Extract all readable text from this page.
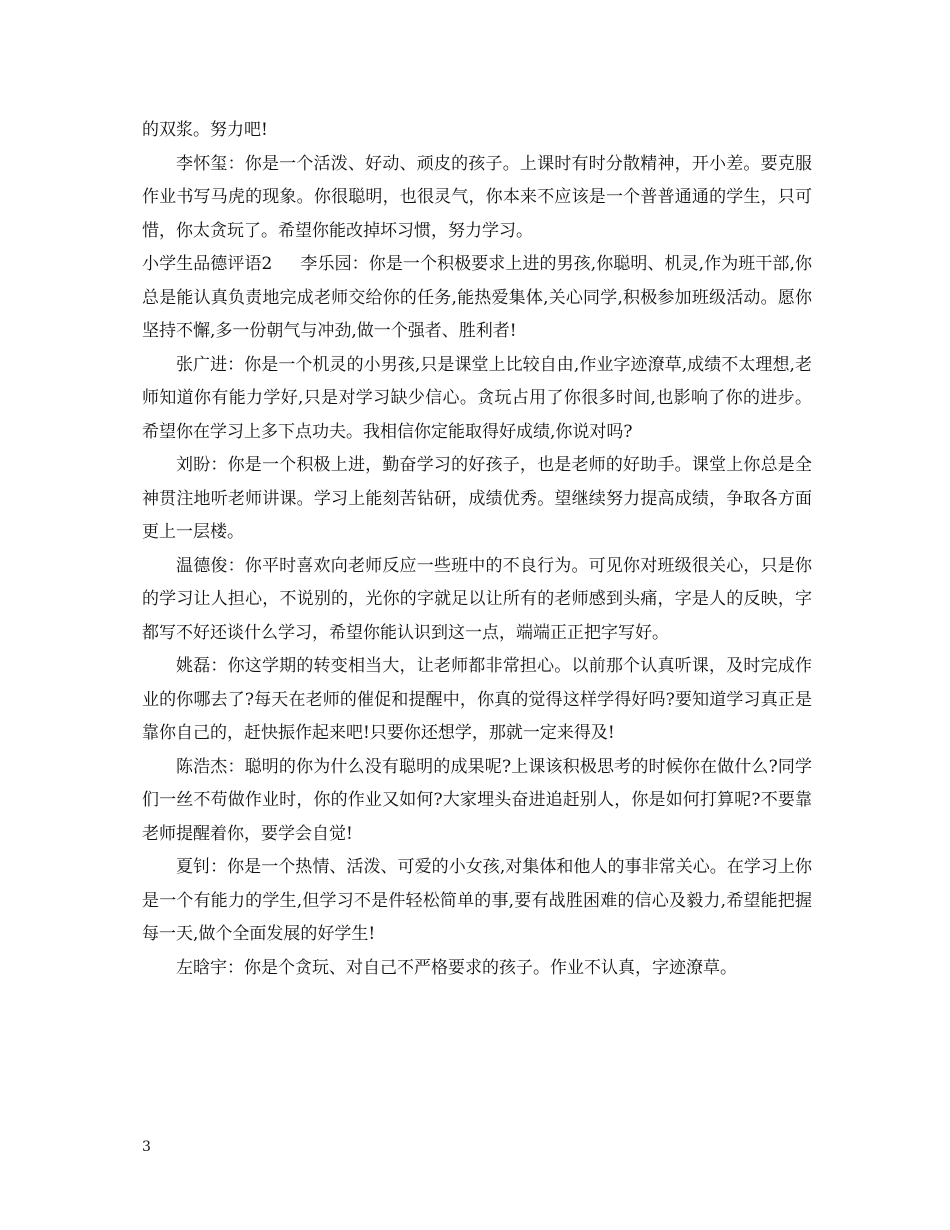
的双浆。努力吧!

李怀玺：你是一个活泼、好动、顽皮的孩子。上课时有时分散精神，开小差。要克服作业书写马虎的现象。你很聪明，也很灵气，你本来不应该是一个普普通通的学生，只可惜，你太贪玩了。希望你能改掉坏习惯，努力学习。

小学生品德评语2 李乐园：你是一个积极要求上进的男孩,你聪明、机灵,作为班干部,你总是能认真负责地完成老师交给你的任务,能热爱集体,关心同学,积极参加班级活动。愿你坚持不懈,多一份朝气与冲劲,做一个强者、胜利者!

张广进：你是一个机灵的小男孩,只是课堂上比较自由,作业字迹潦草,成绩不太理想,老师知道你有能力学好,只是对学习缺少信心。贪玩占用了你很多时间,也影响了你的进步。希望你在学习上多下点功夫。我相信你定能取得好成绩,你说对吗?

刘盼：你是一个积极上进，勤奋学习的好孩子，也是老师的好助手。课堂上你总是全神贯注地听老师讲课。学习上能刻苦钻研，成绩优秀。望继续努力提高成绩，争取各方面更上一层楼。

温德俊：你平时喜欢向老师反应一些班中的不良行为。可见你对班级很关心，只是你的学习让人担心，不说别的，光你的字就足以让所有的老师感到头痛，字是人的反映，字都写不好还谈什么学习，希望你能认识到这一点，端端正正把字写好。

姚磊：你这学期的转变相当大，让老师都非常担心。以前那个认真听课，及时完成作业的你哪去了?每天在老师的催促和提醒中，你真的觉得这样学得好吗?要知道学习真正是靠你自己的，赶快振作起来吧!只要你还想学，那就一定来得及!

陈浩杰：聪明的你为什么没有聪明的成果呢?上课该积极思考的时候你在做什么?同学们一丝不苟做作业时，你的作业又如何?大家埋头奋进追赶别人，你是如何打算呢?不要靠老师提醒着你，要学会自觉!

夏钊：你是一个热情、活泼、可爱的小女孩,对集体和他人的事非常关心。在学习上你是一个有能力的学生,但学习不是件轻松简单的事,要有战胜困难的信心及毅力,希望能把握每一天,做个全面发展的好学生!

左晗宇：你是个贪玩、对自己不严格要求的孩子。作业不认真，字迹潦草。

3
